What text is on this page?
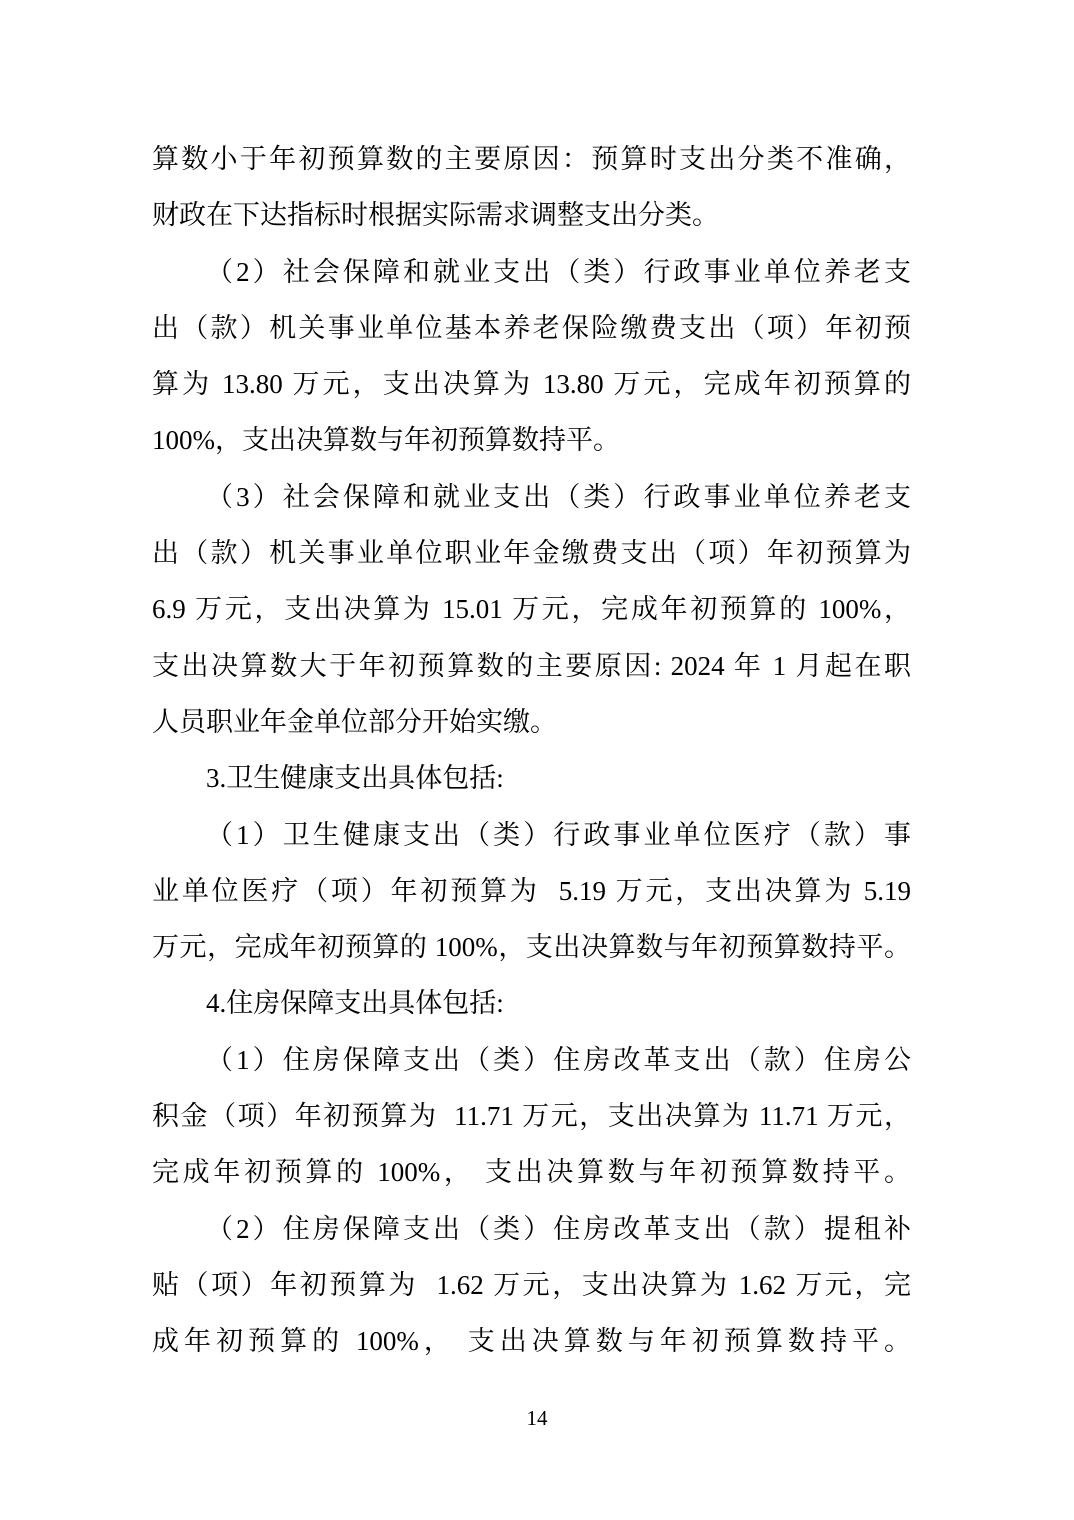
算数小于年初预算数的主要原因：预算时支出分类不准确，
财政在下达指标时根据实际需求调整支出分类。
（2）社会保障和就业支出（类）行政事业单位养老支
出（款）机关事业单位基本养老保险缴费支出（项）年初预
算为 13.80 万元，支出决算为 13.80 万元，完成年初预算的
100%，支出决算数与年初预算数持平。
（3）社会保障和就业支出（类）行政事业单位养老支
出（款）机关事业单位职业年金缴费支出（项）年初预算为
6.9 万元，支出决算为 15.01 万元，完成年初预算的 100%，
支出决算数大于年初预算数的主要原因: 2024 年 1 月起在职
人员职业年金单位部分开始实缴。
3.卫生健康支出具体包括:
（1）卫生健康支出（类）行政事业单位医疗（款）事
业单位医疗（项）年初预算为  5.19 万元，支出决算为 5.19
万元，完成年初预算的 100%，支出决算数与年初预算数持平。
4.住房保障支出具体包括:
（1）住房保障支出（类）住房改革支出（款）住房公
积金（项）年初预算为  11.71 万元，支出决算为 11.71 万元，
完成年初预算的 100%， 支出决算数与年初预算数持平。
（2）住房保障支出（类）住房改革支出（款）提租补
贴（项）年初预算为  1.62 万元，支出决算为 1.62 万元，完
成年初预算的 100%， 支出决算数与年初预算数持平。
14
